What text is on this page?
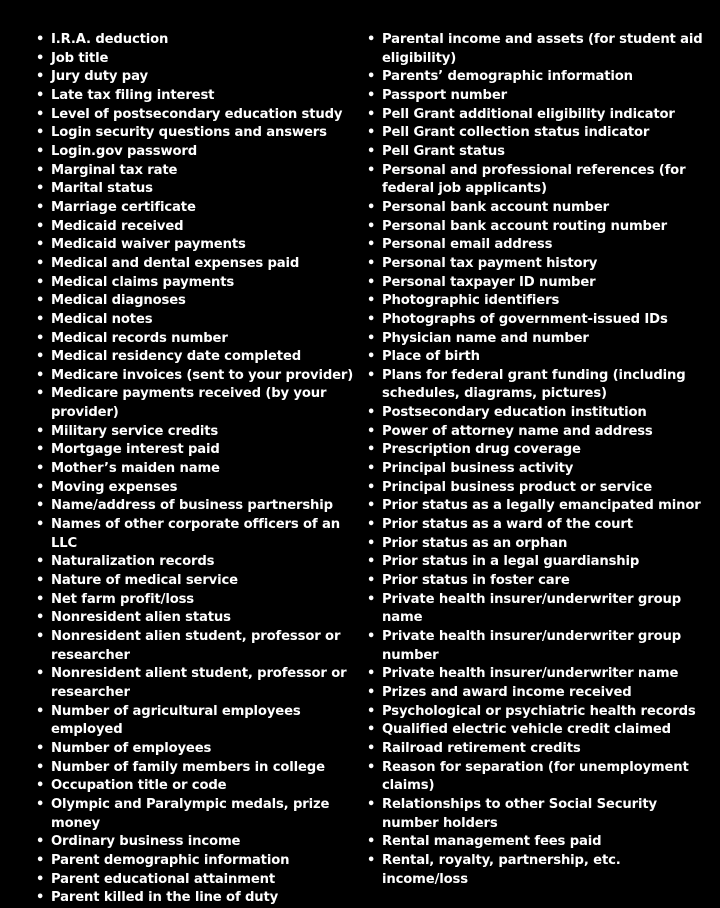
• I.R.A. deduction
• Job title
• Jury duty pay
• Late tax filing interest
• Level of postsecondary education study
• Login security questions and answers
• Login.gov password
• Marginal tax rate
• Marital status
• Marriage certificate
• Medicaid received
• Medicaid waiver payments
• Medical and dental expenses paid
• Medical claims payments
• Medical diagnoses
• Medical notes
• Medical records number
• Medical residency date completed
• Medicare invoices (sent to your provider)
• Medicare payments received (by your provider)
• Military service credits
• Mortgage interest paid
• Mother’s maiden name
• Moving expenses
• Name/address of business partnership
• Names of other corporate officers of an LLC
• Naturalization records
• Nature of medical service
• Net farm profit/loss
• Nonresident alien status
• Nonresident alien student, professor or researcher
• Nonresident alient student, professor or researcher
• Number of agricultural employees employed
• Number of employees
• Number of family members in college
• Occupation title or code
• Olympic and Paralympic medals, prize money
• Ordinary business income
• Parent demographic information
• Parent educational attainment
• Parent killed in the line of duty
• Parental income and assets (for student aid eligibility)
• Parents’ demographic information
• Passport number
• Pell Grant additional eligibility indicator
• Pell Grant collection status indicator
• Pell Grant status
• Personal and professional references (for federal job applicants)
• Personal bank account number
• Personal bank account routing number
• Personal email address
• Personal tax payment history
• Personal taxpayer ID number
• Photographic identifiers
• Photographs of government-issued IDs
• Physician name and number
• Place of birth
• Plans for federal grant funding (including schedules, diagrams, pictures)
• Postsecondary education institution
• Power of attorney name and address
• Prescription drug coverage
• Principal business activity
• Principal business product or service
• Prior status as a legally emancipated minor
• Prior status as a ward of the court
• Prior status as an orphan
• Prior status in a legal guardianship
• Prior status in foster care
• Private health insurer/underwriter group name
• Private health insurer/underwriter group number
• Private health insurer/underwriter name
• Prizes and award income received
• Psychological or psychiatric health records
• Qualified electric vehicle credit claimed
• Railroad retirement credits
• Reason for separation (for unemployment claims)
• Relationships to other Social Security number holders
• Rental management fees paid
• Rental, royalty, partnership, etc. income/loss
